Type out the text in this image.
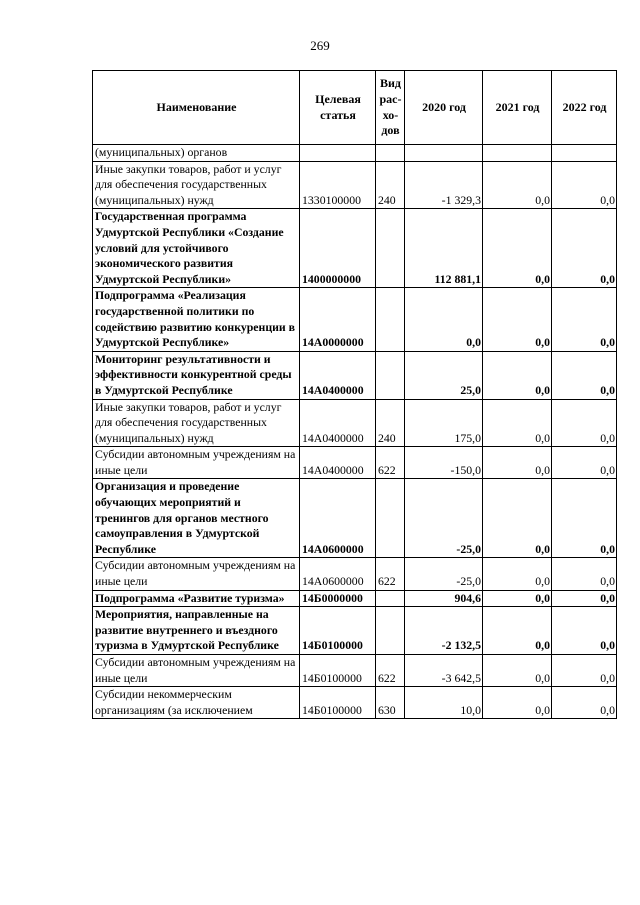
269
Наименование	Целевая статья	Вид рас-хо-дов	2020 год	2021 год	2022 год
(муниципальных) органов					
Иные закупки товаров, работ и услуг для обеспечения государственных (муниципальных) нужд	1330100000	240	-1 329,3	0,0	0,0
Государственная программа Удмуртской Республики «Создание условий для устойчивого экономического развития Удмуртской Республики»	1400000000		112 881,1	0,0	0,0
Подпрограмма «Реализация государственной политики по содействию развитию конкуренции в Удмуртской Республике»	14А0000000		0,0	0,0	0,0
Мониторинг результативности и эффективности конкурентной среды в Удмуртской Республике	14А0400000		25,0	0,0	0,0
Иные закупки товаров, работ и услуг для обеспечения государственных (муниципальных) нужд	14А0400000	240	175,0	0,0	0,0
Субсидии автономным учреждениям на иные цели	14А0400000	622	-150,0	0,0	0,0
Организация и проведение обучающих мероприятий и тренингов для органов местного самоуправления в Удмуртской Республике	14А0600000		-25,0	0,0	0,0
Субсидии автономным учреждениям на иные цели	14А0600000	622	-25,0	0,0	0,0
Подпрограмма «Развитие туризма»	14Б0000000		904,6	0,0	0,0
Мероприятия, направленные на развитие внутреннего и въездного туризма в Удмуртской Республике	14Б0100000		-2 132,5	0,0	0,0
Субсидии автономным учреждениям на иные цели	14Б0100000	622	-3 642,5	0,0	0,0
Субсидии некоммерческим организациям (за исключением	14Б0100000	630	10,0	0,0	0,0
